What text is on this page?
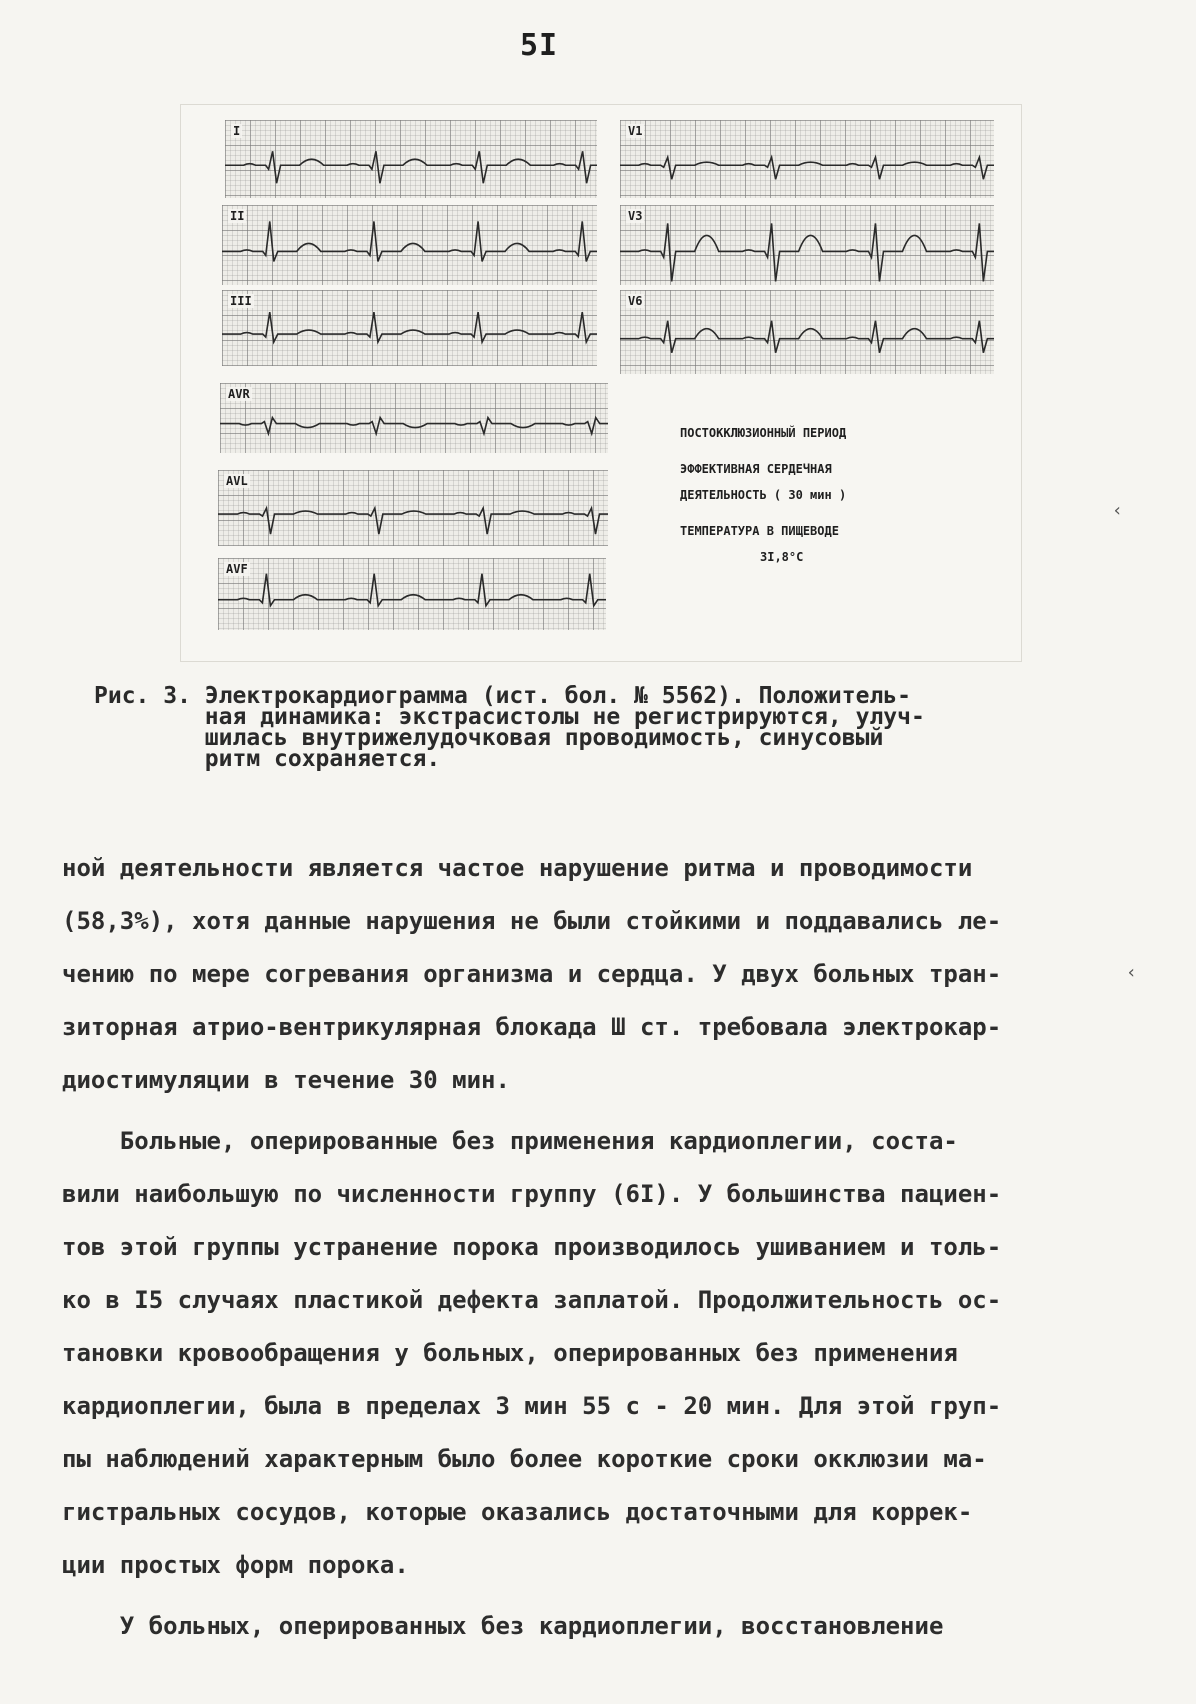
5I
I
II
III
AVR
AVL
AVF
V1
V3
V6
ПОСТОККЛЮЗИОННЫЙ ПЕРИОД
ЭФФЕКТИВНАЯ СЕРДЕЧНАЯ
ДЕЯТЕЛЬНОСТЬ ( 30 мин )
ТЕМПЕРАТУРА В ПИЩЕВОДЕ
3I,8°C
Рис. 3. Электрокардиограмма (ист. бол. № 5562). Положитель-
ная динамика: экстрасистолы не регистрируются, улуч-
шилась внутрижелудочковая проводимость, синусовый
ритм сохраняется.
ной деятельности является частое нарушение ритма и проводимости
(58,3%), хотя данные нарушения не были стойкими и поддавались ле-
чению по мере согревания организма и сердца. У двух больных тран-
зиторная атрио-вентрикулярная блокада Ш ст. требовала электрокар-
диостимуляции в течение 30 мин.
Больные, оперированные без применения кардиоплегии, соста-
вили наибольшую по численности группу (6I). У большинства пациен-
тов этой группы устранение порока производилось ушиванием и толь-
ко в I5 случаях пластикой дефекта заплатой. Продолжительность ос-
тановки кровообращения у больных, оперированных без применения
кардиоплегии, была в пределах 3 мин 55 с - 20 мин. Для этой груп-
пы наблюдений характерным было более короткие сроки окклюзии ма-
гистральных сосудов, которые оказались достаточными для коррек-
ции простых форм порока.
У больных, оперированных без кардиоплегии, восстановление
‹
‹
